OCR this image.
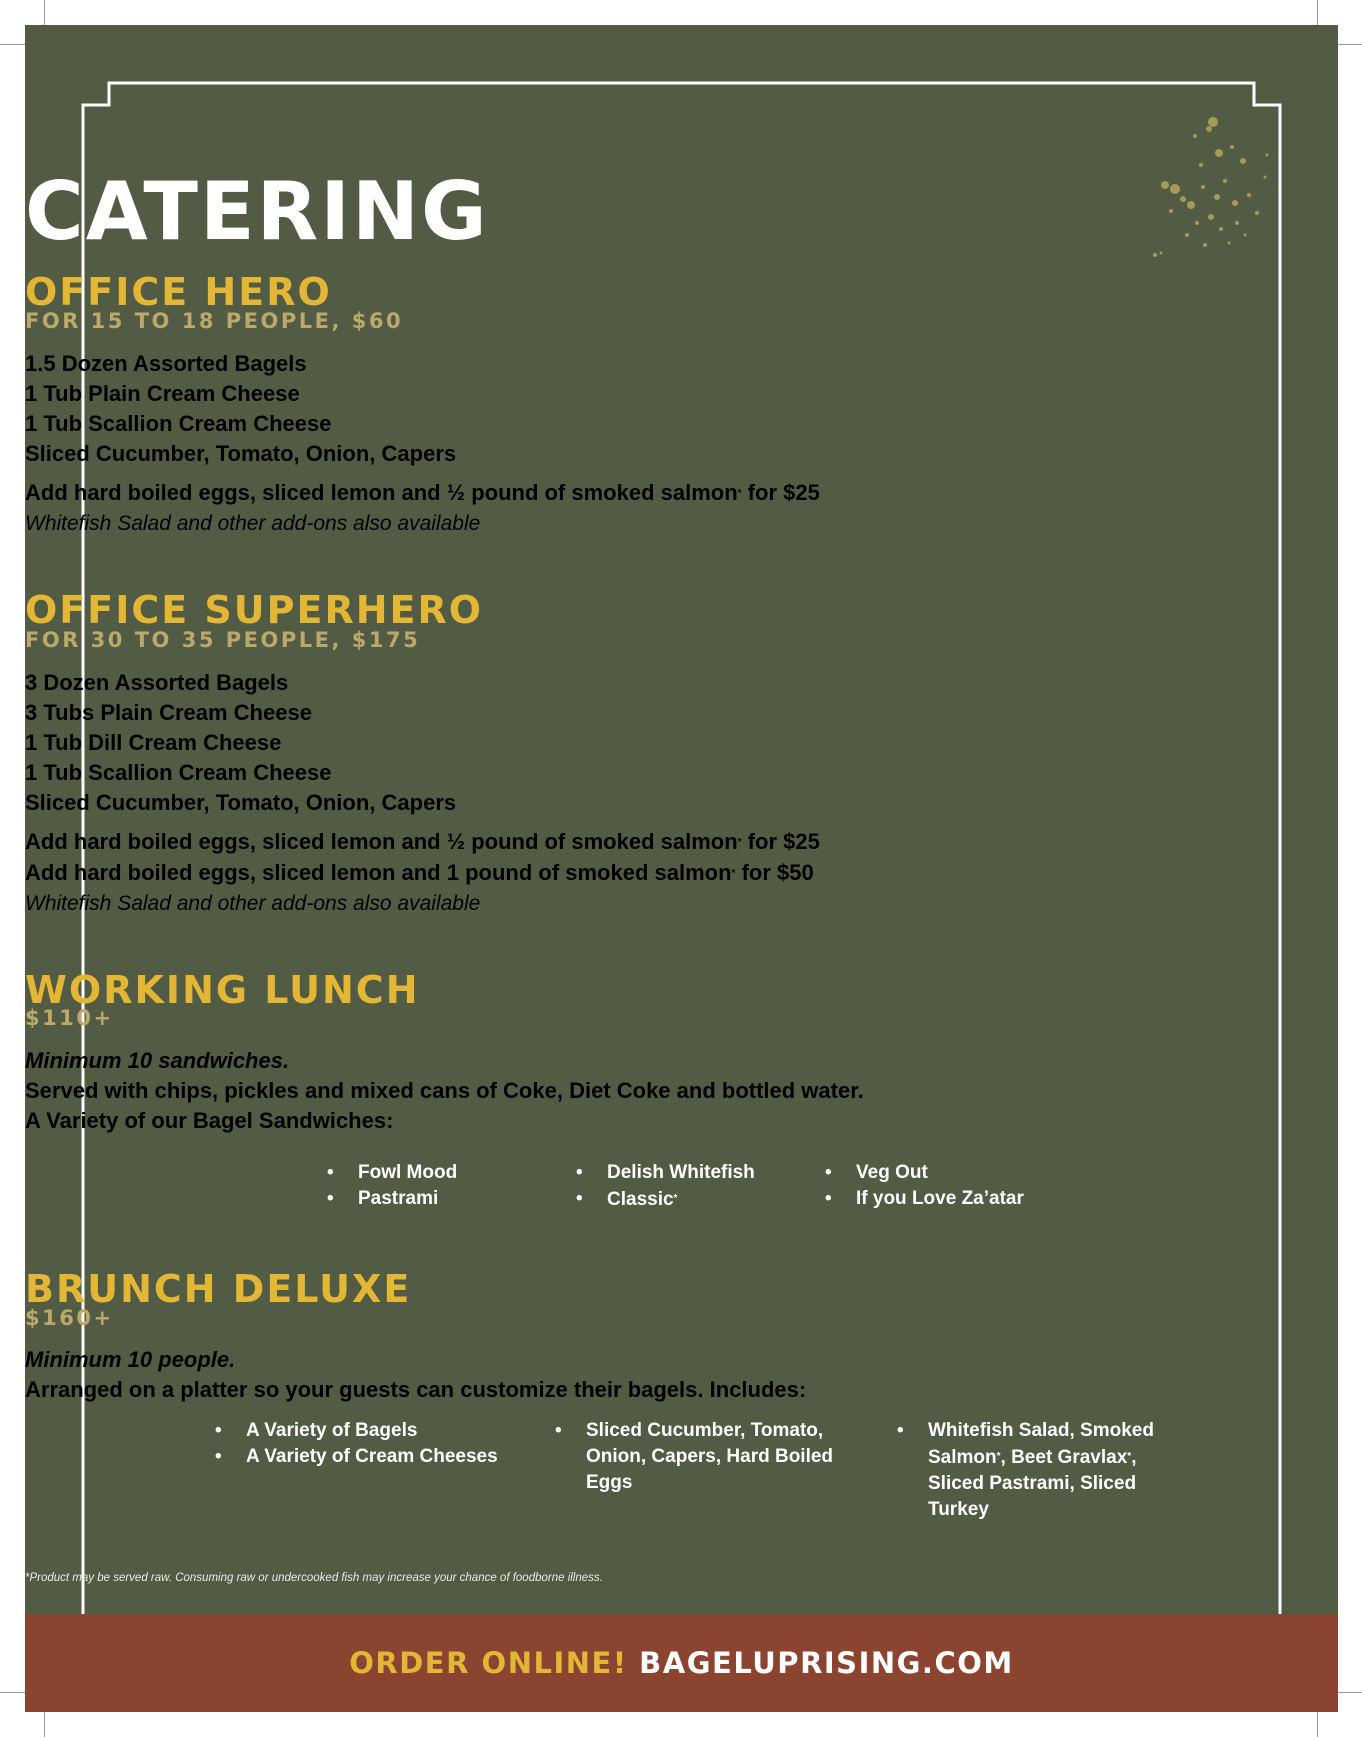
CATERING
OFFICE HERO
FOR 15 TO 18 PEOPLE, $60
1.5 Dozen Assorted Bagels
1 Tub Plain Cream Cheese
1 Tub Scallion Cream Cheese
Sliced Cucumber, Tomato, Onion, Capers
Add hard boiled eggs, sliced lemon and ½ pound of smoked salmon* for $25
Whitefish Salad and other add-ons also available
OFFICE SUPERHERO
FOR 30 TO 35 PEOPLE, $175
3 Dozen Assorted Bagels
3 Tubs Plain Cream Cheese
1 Tub Dill Cream Cheese
1 Tub Scallion Cream Cheese
Sliced Cucumber, Tomato, Onion, Capers
Add hard boiled eggs, sliced lemon and ½ pound of smoked salmon* for $25
Add hard boiled eggs, sliced lemon and 1 pound of smoked salmon* for $50
Whitefish Salad and other add-ons also available
WORKING LUNCH
$110+
Minimum 10 sandwiches.
Served with chips, pickles and mixed cans of Coke, Diet Coke and bottled water.
A Variety of our Bagel Sandwiches:
• Fowl Mood
• Pastrami
• Delish Whitefish
• Classic*
• Veg Out
• If you Love Za’atar
BRUNCH DELUXE
$160+
Minimum 10 people.
Arranged on a platter so your guests can customize their bagels. Includes:
• A Variety of Bagels
• A Variety of Cream Cheeses
• Sliced Cucumber, Tomato, Onion, Capers, Hard Boiled Eggs
• Whitefish Salad, Smoked Salmon*, Beet Gravlax*, Sliced Pastrami, Sliced Turkey
*Product may be served raw. Consuming raw or undercooked fish may increase your chance of foodborne illness.
ORDER ONLINE! BAGELUPRISING.COM
